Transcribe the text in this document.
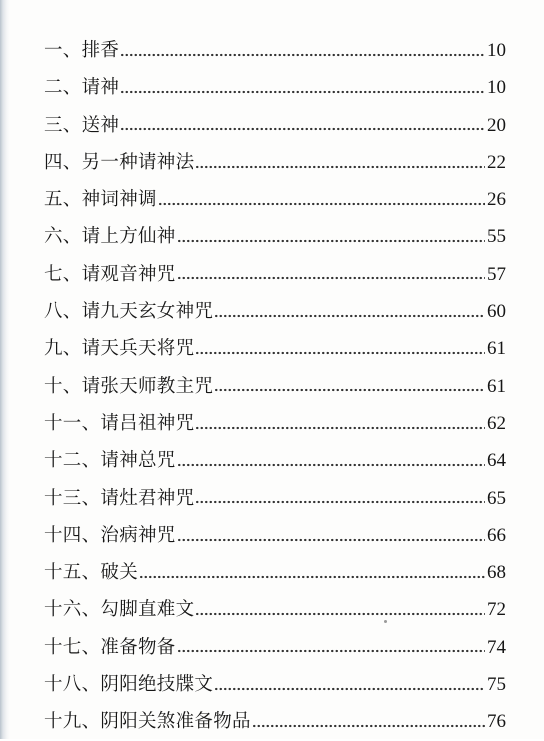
一、排香	10
二、请神	10
三、送神	20
四、另一种请神法	22
五、神词神调	26
六、请上方仙神	55
七、请观音神咒	57
八、请九天玄女神咒	60
九、请天兵天将咒	61
十、请张天师教主咒	61
十一、请吕祖神咒	62
十二、请神总咒	64
十三、请灶君神咒	65
十四、治病神咒	66
十五、破关	68
十六、勾脚直难文	72
十七、准备物备	74
十八、阴阳绝技牒文	75
十九、阴阳关煞准备物品	76
